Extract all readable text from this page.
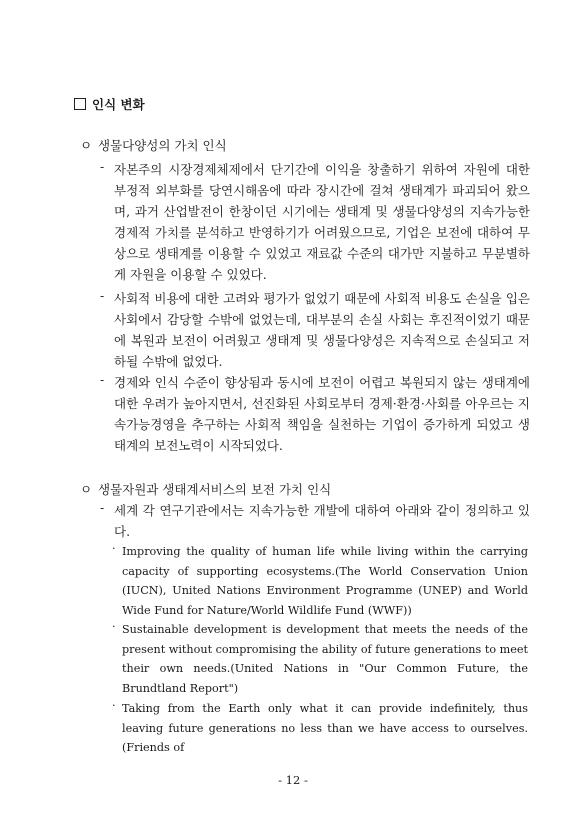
인식 변화
ㅇ 생물다양성의 가치 인식
- 자본주의 시장경제체제에서 단기간에 이익을 창출하기 위하여 자원에 대한 부정적 외부화를 당연시해옴에 따라 장시간에 걸쳐 생태계가 파괴되어 왔으며, 과거 산업발전이 한창이던 시기에는 생태계 및 생물다양성의 지속가능한 경제적 가치를 분석하고 반영하기가 어려웠으므로, 기업은 보전에 대하여 무상으로 생태계를 이용할 수 있었고 재료값 수준의 대가만 지불하고 무분별하게 자원을 이용할 수 있었다.
- 사회적 비용에 대한 고려와 평가가 없었기 때문에 사회적 비용도 손실을 입은 사회에서 감당할 수밖에 없었는데, 대부분의 손실 사회는 후진적이었기 때문에 복원과 보전이 어려웠고 생태계 및 생물다양성은 지속적으로 손실되고 저하될 수밖에 없었다.
- 경제와 인식 수준이 향상됨과 동시에 보전이 어렵고 복원되지 않는 생태계에 대한 우려가 높아지면서, 선진화된 사회로부터 경제·환경·사회를 아우르는 지속가능경영을 추구하는 사회적 책임을 실천하는 기업이 증가하게 되었고 생태계의 보전노력이 시작되었다.
ㅇ 생물자원과 생태계서비스의 보전 가치 인식
- 세계 각 연구기관에서는 지속가능한 개발에 대하여 아래와 같이 정의하고 있다.
· Improving the quality of human life while living within the carrying capacity of supporting ecosystems.(The World Conservation Union (IUCN), United Nations Environment Programme (UNEP) and World Wide Fund for Nature/World Wildlife Fund (WWF))
· Sustainable development is development that meets the needs of the present without compromising the ability of future generations to meet their own needs.(United Nations in "Our Common Future, the Brundtland Report")
· Taking from the Earth only what it can provide indefinitely, thus leaving future generations no less than we have access to ourselves.(Friends of
- 12 -
